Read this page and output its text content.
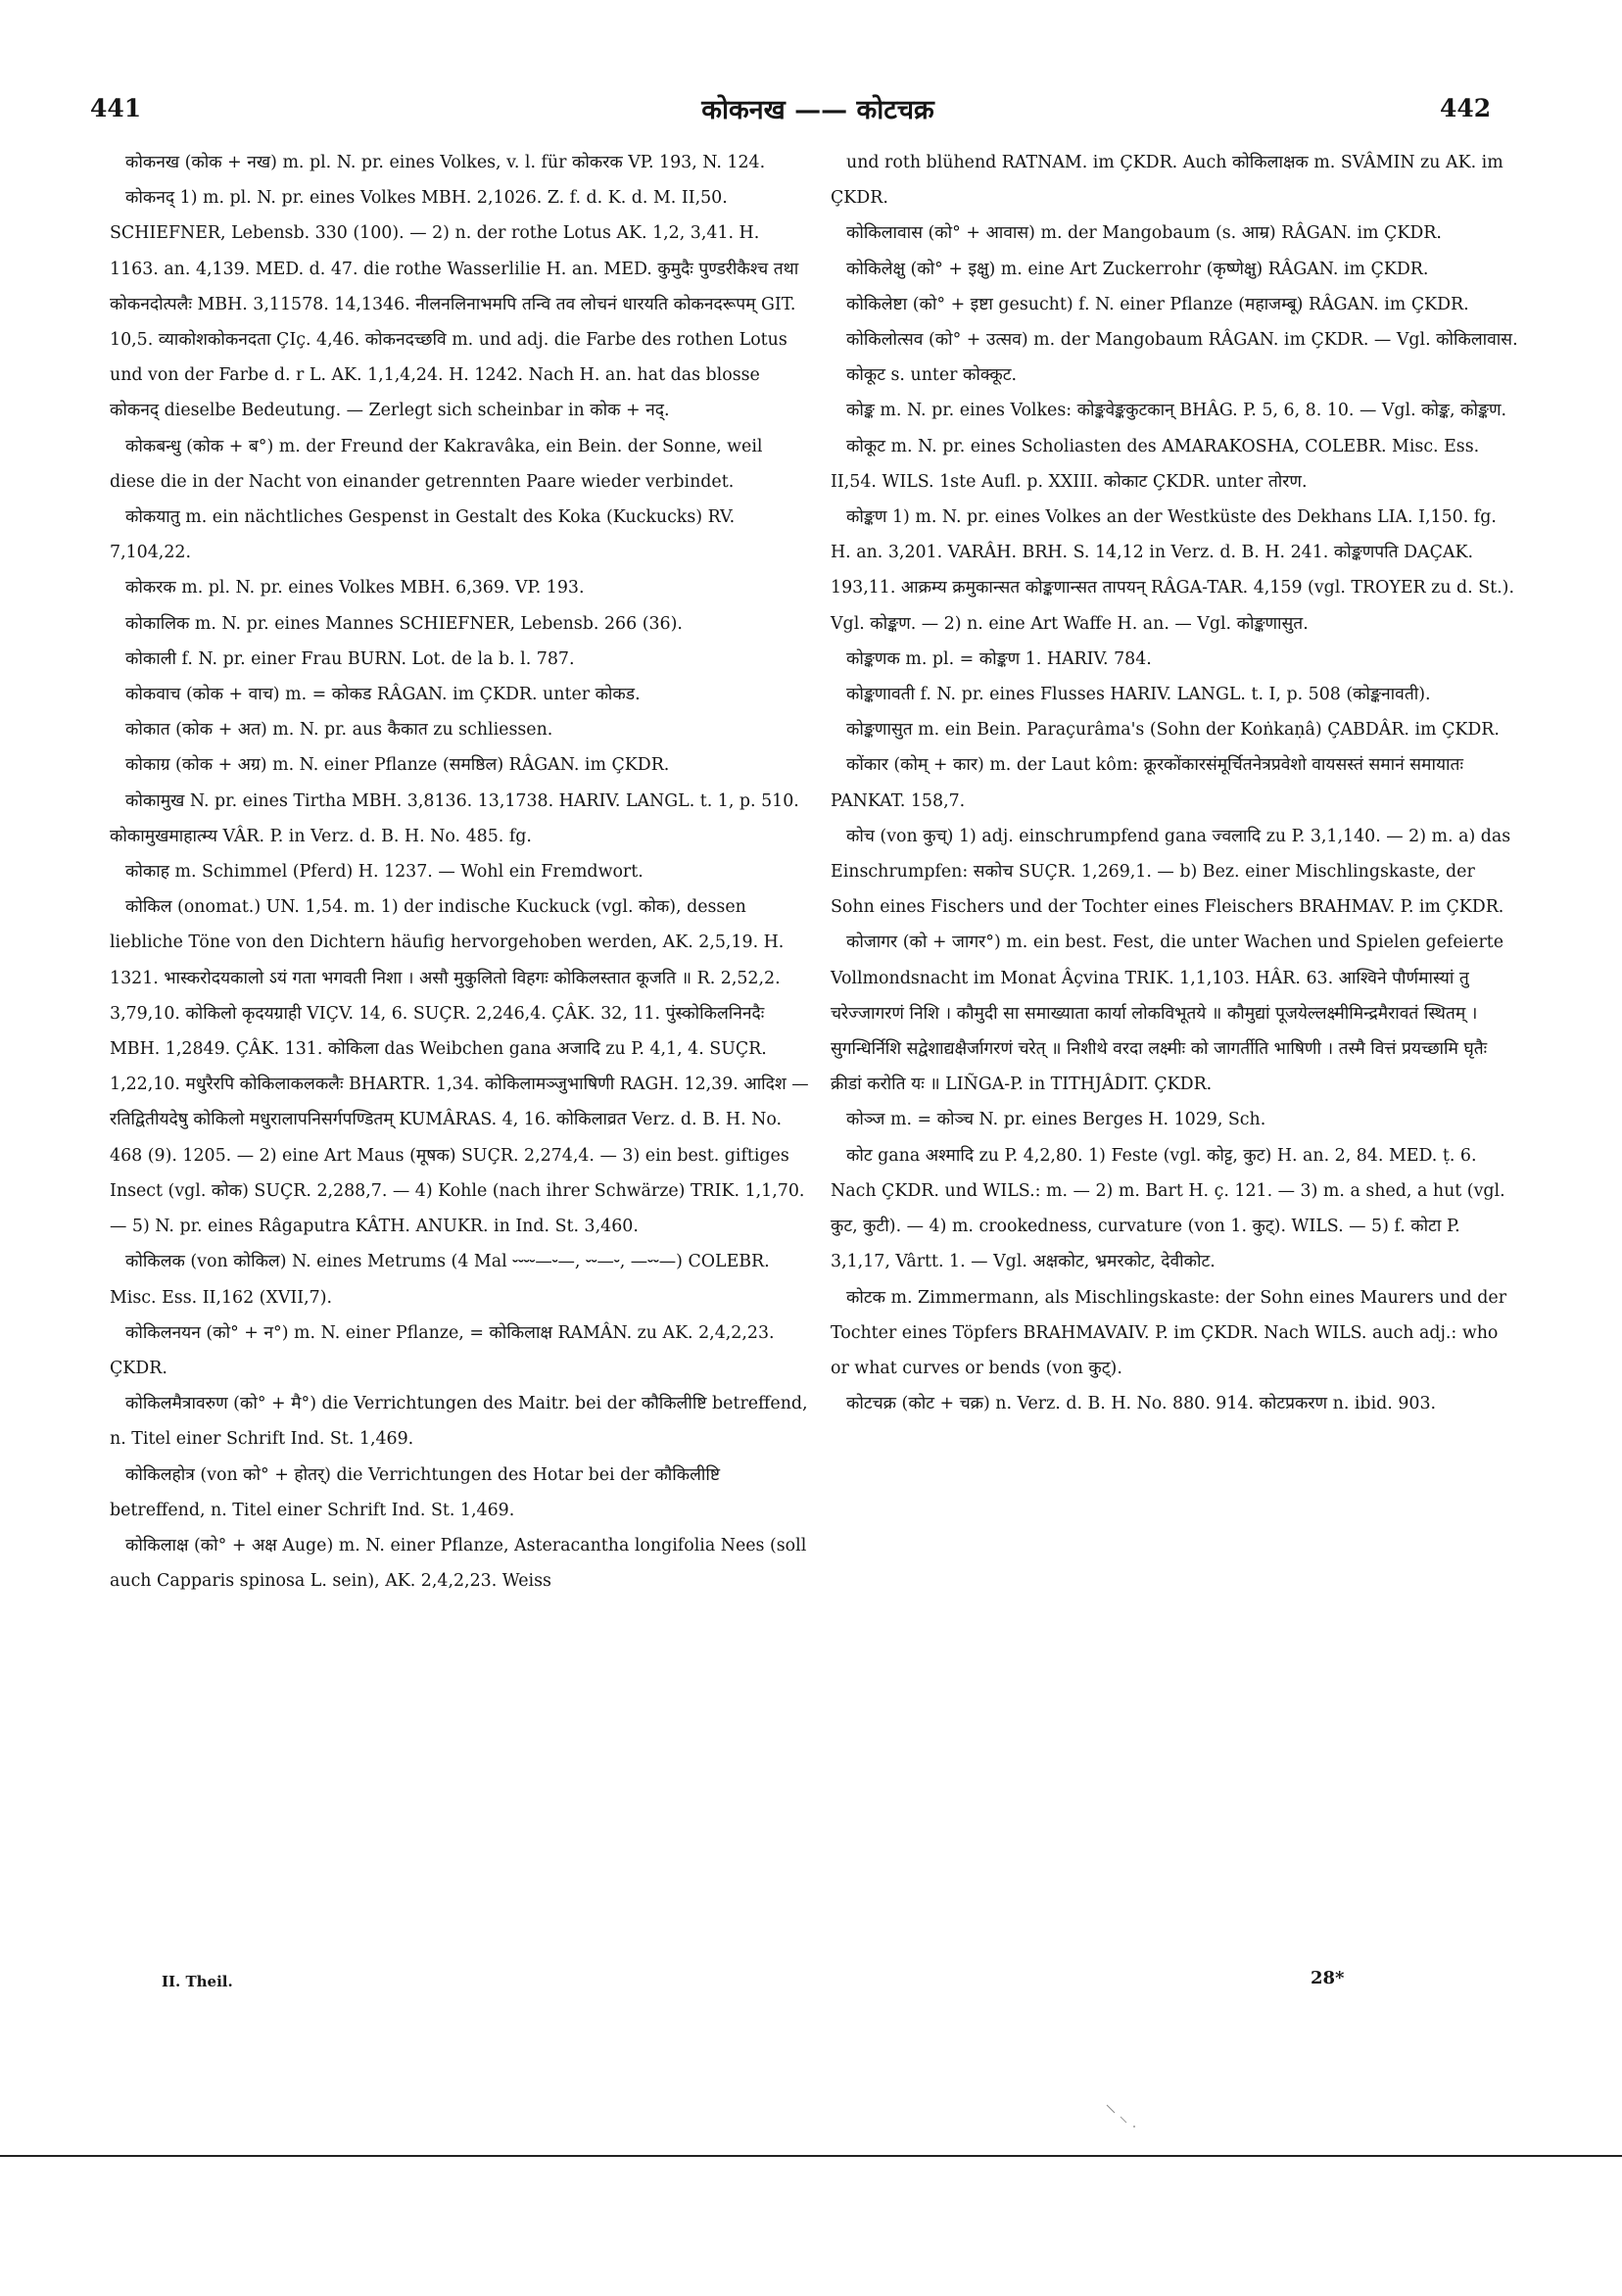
441	कोकनख —— कोटचक्र	442
कोकनख (कोक + नख) m. pl. N. pr. eines Volkes, v. l. für कोकरक VP. 193, N. 124.
कोकनद् 1) m. pl. N. pr. eines Volkes MBH. 2,1026. Z. f. d. K. d. M. II,50. SCHIEFNER, Lebensb. 330 (100). — 2) n. der rothe Lotus AK. 1,2, 3,41. H. 1163. an. 4,139. MED. d. 47. die rothe Wasserlilie H. an. MED. कुमुदैः पुण्डरीकैश्च तथा कोकनदोत्पलैः MBH. 3,11578. 14,1346. नीलनलिनाभमपि तन्वि तव लोचनं धारयति कोकनदरूपम् GIT. 10,5. व्याकोशकोकनदता ÇIç. 4,46. कोकनदच्छवि m. und adj. die Farbe des rothen Lotus und von der Farbe d. r L. AK. 1,1,4,24. H. 1242. Nach H. an. hat das blosse कोकनद् dieselbe Bedeutung. — Zerlegt sich scheinbar in कोक + नद्.
कोकबन्धु (कोक + ब°) m. der Freund der Kakravâka, ein Bein. der Sonne, weil diese die in der Nacht von einander getrennten Paare wieder verbindet.
कोकयातु m. ein nächtliches Gespenst in Gestalt des Koka (Kuckucks) RV. 7,104,22.
कोकरक m. pl. N. pr. eines Volkes MBH. 6,369. VP. 193.
कोकालिक m. N. pr. eines Mannes SCHIEFNER, Lebensb. 266 (36).
कोकाली f. N. pr. einer Frau BURN. Lot. de la b. l. 787.
कोकवाच (कोक + वाच) m. = कोकड RÂGAN. im ÇKDR. unter कोकड.
कोकात (कोक + अत) m. N. pr. aus कैकात zu schliessen.
कोकाग्र (कोक + अग्र) m. N. einer Pflanze (समष्ठिल) RÂGAN. im ÇKDR.
कोकामुख N. pr. eines Tirtha MBH. 3,8136. 13,1738. HARIV. LANGL. t. 1, p. 510. कोकामुखमाहात्म्य VÂR. P. in Verz. d. B. H. No. 485. fg.
कोकाह m. Schimmel (Pferd) H. 1237. — Wohl ein Fremdwort.
कोकिल (onomat.) UN. 1,54. m. 1) der indische Kuckuck (vgl. कोक), dessen liebliche Töne von den Dichtern häufig hervorgehoben werden, AK. 2,5,19. H. 1321. भास्करोदयकालो ऽयं गता भगवती निशा । असौ मुकुलितो विहगः कोकिलस्तात कूजति ॥ R. 2,52,2. 3,79,10. कोकिलो कृदयग्राही VIÇV. 14, 6. SUÇR. 2,246,4. ÇÂK. 32, 11. पुंस्कोकिलनिनदैः MBH. 1,2849. ÇÂK. 131. कोकिला das Weibchen gana अजादि zu P. 4,1, 4. SUÇR. 1,22,10. मधुरैरपि कोकिलाकलकलैः BHARTR. 1,34. कोकिलामञ्जुभाषिणी RAGH. 12,39. आदिश — रतिद्वितीयदेषु कोकिलो मधुरालापनिसर्गपण्डितम् KUMÂRAS. 4, 16. कोकिलाव्रत Verz. d. B. H. No. 468 (9). 1205. — 2) eine Art Maus (मूषक) SUÇR. 2,274,4. — 3) ein best. giftiges Insect (vgl. कोक) SUÇR. 2,288,7. — 4) Kohle (nach ihrer Schwärze) TRIK. 1,1,70. — 5) N. pr. eines Râgaputra KÂTH. ANUKR. in Ind. St. 3,460.
कोकिलक (von कोकिल) N. eines Metrums (4 Mal ⏑⏑⏑⏑—⏑—, ⏑⏑—⏑, —⏑⏑—) COLEBR. Misc. Ess. II,162 (XVII,7).
कोकिलनयन (को° + न°) m. N. einer Pflanze, = कोकिलाक्ष RAMÂN. zu AK. 2,4,2,23. ÇKDR.
कोकिलमैत्रावरुण (को° + मै°) die Verrichtungen des Maitr. bei der कौकिलीष्टि betreffend, n. Titel einer Schrift Ind. St. 1,469.
कोकिलहोत्र (von को° + होतर्) die Verrichtungen des Hotar bei der कौकिलीष्टि betreffend, n. Titel einer Schrift Ind. St. 1,469.
कोकिलाक्ष (को° + अक्ष Auge) m. N. einer Pflanze, Asteracantha longifolia Nees (soll auch Capparis spinosa L. sein), AK. 2,4,2,23. Weiss
und roth blühend RATNAM. im ÇKDR. Auch कोकिलाक्षक m. SVÂMIN zu AK. im ÇKDR.
कोकिलावास (को° + आवास) m. der Mangobaum (s. आम्र) RÂGAN. im ÇKDR.
कोकिलेक्षु (को° + इक्षु) m. eine Art Zuckerrohr (कृष्णेक्षु) RÂGAN. im ÇKDR.
कोकिलेष्टा (को° + इष्टा gesucht) f. N. einer Pflanze (महाजम्बू) RÂGAN. im ÇKDR.
कोकिलोत्सव (को° + उत्सव) m. der Mangobaum RÂGAN. im ÇKDR. — Vgl. कोकिलावास.
कोकूट s. unter कोक्कूट.
कोङ्क m. N. pr. eines Volkes: कोङ्कवेङ्ककुटकान् BHÂG. P. 5, 6, 8. 10. — Vgl. कोङ्क, कोङ्कण.
कोकूट m. N. pr. eines Scholiasten des AMARAKOSHA, COLEBR. Misc. Ess. II,54. WILS. 1ste Aufl. p. XXIII. कोकाट ÇKDR. unter तोरण.
कोङ्कण 1) m. N. pr. eines Volkes an der Westküste des Dekhans LIA. I,150. fg. H. an. 3,201. VARÂH. BRH. S. 14,12 in Verz. d. B. H. 241. कोङ्कणपति DAÇAK. 193,11. आक्रम्य क्रमुकान्सत कोङ्कणान्सत तापयन् RÂGA-TAR. 4,159 (vgl. TROYER zu d. St.). Vgl. कोङ्कण. — 2) n. eine Art Waffe H. an. — Vgl. कोङ्कणासुत.
कोङ्कणक m. pl. = कोङ्कण 1. HARIV. 784.
कोङ्कणावती f. N. pr. eines Flusses HARIV. LANGL. t. I, p. 508 (कोङ्कनावती).
कोङ्कणासुत m. ein Bein. Paraçurâma's (Sohn der Koṅkaṇâ) ÇABDÂR. im ÇKDR.
कोंकार (कोम् + कार) m. der Laut kôm: क्रूरकोंकारसंमूर्चितनेत्रप्रवेशो वायसस्तं समानं समायातः PANKAT. 158,7.
कोच (von कुच्) 1) adj. einschrumpfend gana ज्वलादि zu P. 3,1,140. — 2) m. a) das Einschrumpfen: सकोच SUÇR. 1,269,1. — b) Bez. einer Mischlingskaste, der Sohn eines Fischers und der Tochter eines Fleischers BRAHMAV. P. im ÇKDR.
कोजागर (को + जागर°) m. ein best. Fest, die unter Wachen und Spielen gefeierte Vollmondsnacht im Monat Âçvina TRIK. 1,1,103. HÂR. 63. आश्विने पौर्णमास्यां तु चरेज्जागरणं निशि । कौमुदी सा समाख्याता कार्या लोकविभूतये ॥ कौमुद्यां पूजयेल्लक्ष्मीमिन्द्रमैरावतं स्थितम् । सुगन्धिर्निशि सद्वेशाद्यक्षैर्जागरणं चरेत् ॥ निशीथे वरदा लक्ष्मीः को जागर्तीति भाषिणी । तस्मै वित्तं प्रयच्छामि घृतैः क्रीडां करोति यः ॥ LIÑGA-P. in TITHJÂDIT. ÇKDR.
कोञ्ज m. = कोञ्च N. pr. eines Berges H. 1029, Sch.
कोट gana अश्मादि zu P. 4,2,80. 1) Feste (vgl. कोट्ट, कुट) H. an. 2, 84. MED. ṭ. 6. Nach ÇKDR. und WILS.: m. — 2) m. Bart H. ç. 121. — 3) m. a shed, a hut (vgl. कुट, कुटी). — 4) m. crookedness, curvature (von 1. कुट्). WILS. — 5) f. कोटा P. 3,1,17, Vârtt. 1. — Vgl. अक्षकोट, भ्रमरकोट, देवीकोट.
कोटक m. Zimmermann, als Mischlingskaste: der Sohn eines Maurers und der Tochter eines Töpfers BRAHMAVAIV. P. im ÇKDR. Nach WILS. auch adj.: who or what curves or bends (von कुट्).
कोटचक्र (कोट + चक्र) n. Verz. d. B. H. No. 880. 914. कोटप्रकरण n. ibid. 903.
II. Theil.	28*
